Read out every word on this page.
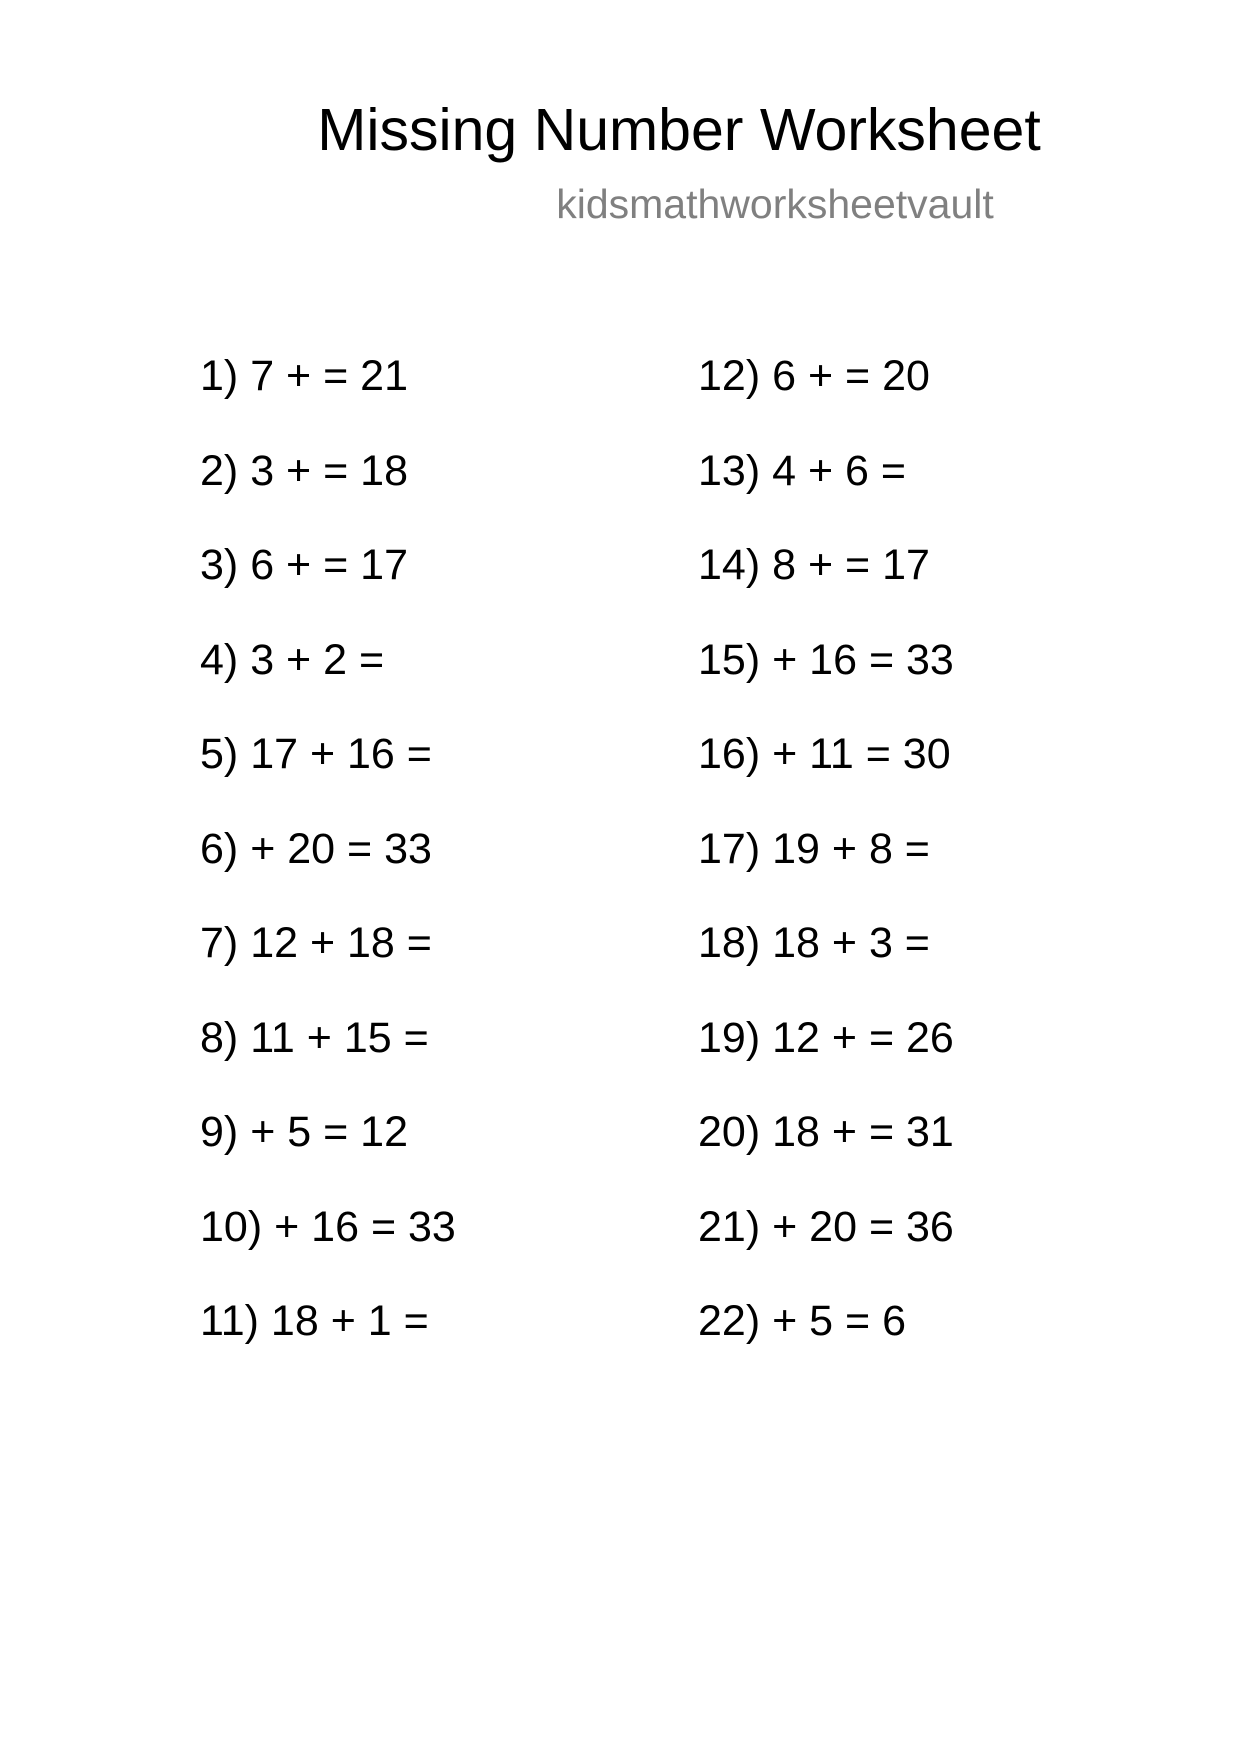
Missing Number Worksheet
kidsmathworksheetvault
1) 7 + = 21
2) 3 + = 18
3) 6 + = 17
4) 3 + 2 =
5) 17 + 16 =
6) + 20 = 33
7) 12 + 18 =
8) 11 + 15 =
9) + 5 = 12
10) + 16 = 33
11) 18 + 1 =
12) 6 + = 20
13) 4 + 6 =
14) 8 + = 17
15) + 16 = 33
16) + 11 = 30
17) 19 + 8 =
18) 18 + 3 =
19) 12 + = 26
20) 18 + = 31
21) + 20 = 36
22) + 5 = 6
